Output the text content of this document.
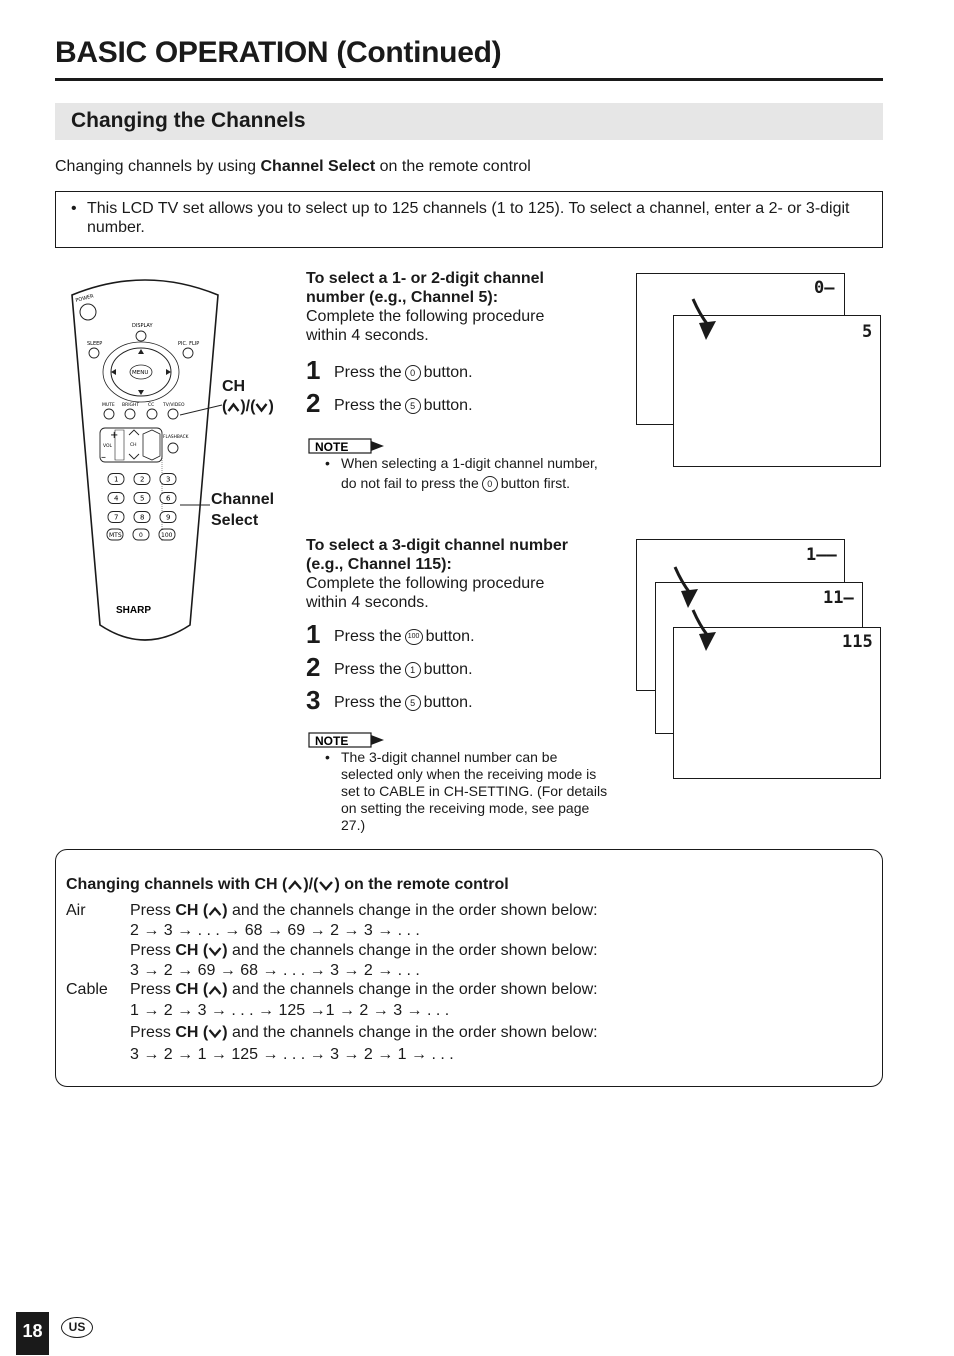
BASIC OPERATION (Continued)
Changing the Channels
Changing channels by using Channel Select on the remote control
• This LCD TV set allows you to select up to 125 channels (1 to 125). To select a channel, enter a 2- or 3-digit number.
POWER
DISPLAY
SLEEP	PIC. FLIP
MENU
MUTE BRIGHT CC TV/VIDEO
+
–
VOL	CH
FLASHBACK
1	2	3
4	5	6
7	8	9
MTS	0	100
SHARP
CH
( )/( )
Channel
Select
To select a 1- or 2-digit channel
number (e.g., Channel 5):
Complete the following procedure
within 4 seconds.
1 Press the 0 button.
2 Press the 5 button.
NOTE
• When selecting a 1-digit channel number,
do not fail to press the 0 button first.
0–
5
To select a 3-digit channel number
(e.g., Channel 115):
Complete the following procedure
within 4 seconds.
1 Press the 100 button.
2 Press the 1 button.
3 Press the 5 button.
NOTE
• The 3-digit channel number can be
selected only when the receiving mode is
set to CABLE in CH-SETTING. (For details
on setting the receiving mode, see page
27.)
1––
11–
115
Changing channels with CH ( )/( ) on the remote control
Air	Press CH ( ) and the channels change in the order shown below:
2 → 3 → . . . → 68 → 69 → 2 → 3 → . . .
Press CH ( ) and the channels change in the order shown below:
3 → 2 → 69 → 68 → . . . → 3 → 2 → . . .
Cable Press CH ( ) and the channels change in the order shown below:
1 → 2 → 3 → . . . → 125 →1 → 2 → 3 → . . .
Press CH ( ) and the channels change in the order shown below:
3 → 2 → 1 → 125 → . . . → 3 → 2 → 1 → . . .
18	US
